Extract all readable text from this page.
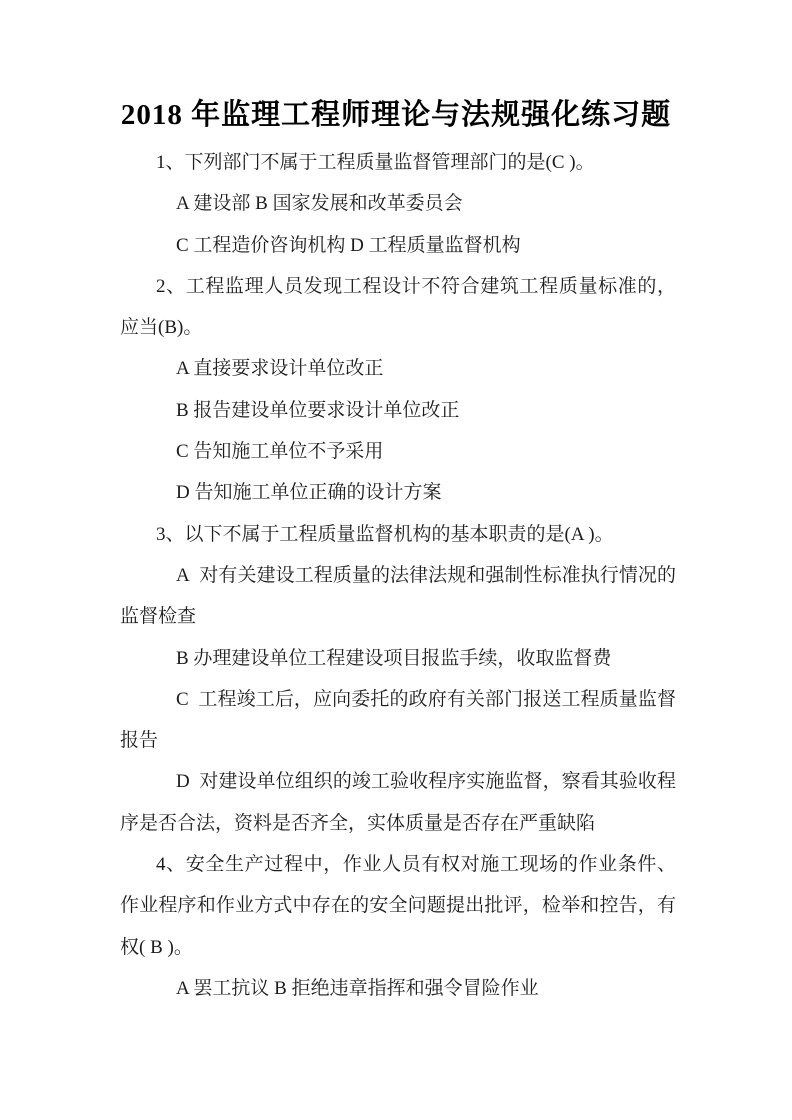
2018 年监理工程师理论与法规强化练习题
1、下列部门不属于工程质量监督管理部门的是(C )。
A 建设部 B 国家发展和改革委员会
C 工程造价咨询机构 D 工程质量监督机构
2、工程监理人员发现工程设计不符合建筑工程质量标准的，
应当(B)。
A 直接要求设计单位改正
B 报告建设单位要求设计单位改正
C 告知施工单位不予采用
D 告知施工单位正确的设计方案
3、以下不属于工程质量监督机构的基本职责的是(A )。
A  对有关建设工程质量的法律法规和强制性标准执行情况的
监督检查
B 办理建设单位工程建设项目报监手续，收取监督费
C  工程竣工后，应向委托的政府有关部门报送工程质量监督
报告
D  对建设单位组织的竣工验收程序实施监督，察看其验收程
序是否合法，资料是否齐全，实体质量是否存在严重缺陷
4、安全生产过程中，作业人员有权对施工现场的作业条件、
作业程序和作业方式中存在的安全问题提出批评，检举和控告，有
权( B )。
A 罢工抗议 B 拒绝违章指挥和强令冒险作业
